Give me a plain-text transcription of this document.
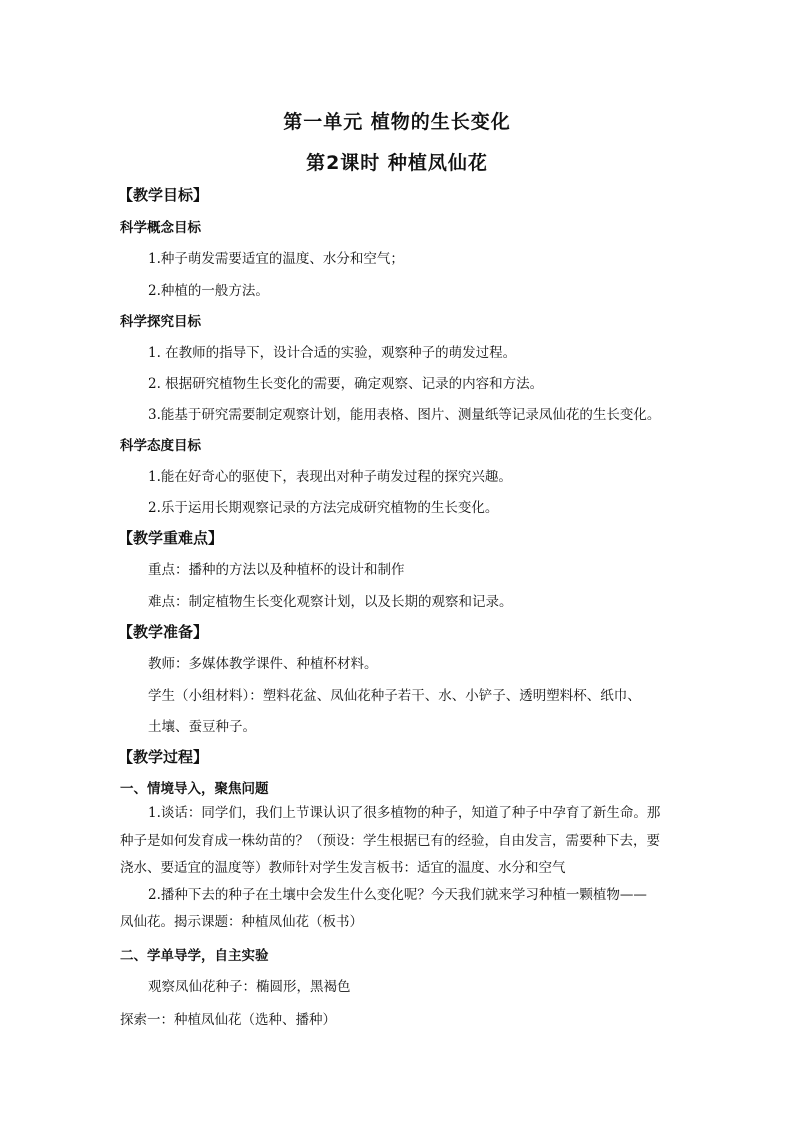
第一单元 植物的生长变化
第2课时 种植凤仙花
【教学目标】
科学概念目标
1.种子萌发需要适宜的温度、水分和空气；
2.种植的一般方法。
科学探究目标
1. 在教师的指导下，设计合适的实验，观察种子的萌发过程。
2. 根据研究植物生长变化的需要，确定观察、记录的内容和方法。
3.能基于研究需要制定观察计划，能用表格、图片、测量纸等记录凤仙花的生长变化。
科学态度目标
1.能在好奇心的驱使下，表现出对种子萌发过程的探究兴趣。
2.乐于运用长期观察记录的方法完成研究植物的生长变化。
【教学重难点】
重点：播种的方法以及种植杯的设计和制作
难点：制定植物生长变化观察计划，以及长期的观察和记录。
【教学准备】
教师：多媒体教学课件、种植杯材料。
学生（小组材料）：塑料花盆、凤仙花种子若干、水、小铲子、透明塑料杯、纸巾、
土壤、蚕豆种子。
【教学过程】
一、情境导入，聚焦问题
1.谈话：同学们，我们上节课认识了很多植物的种子，知道了种子中孕育了新生命。那
种子是如何发育成一株幼苗的？（预设：学生根据已有的经验，自由发言，需要种下去，要
浇水、要适宜的温度等）教师针对学生发言板书：适宜的温度、水分和空气
2.播种下去的种子在土壤中会发生什么变化呢？今天我们就来学习种植一颗植物——
凤仙花。揭示课题：种植凤仙花（板书）
二、学单导学，自主实验
观察凤仙花种子：椭圆形，黑褐色
探索一：种植凤仙花（选种、播种）
